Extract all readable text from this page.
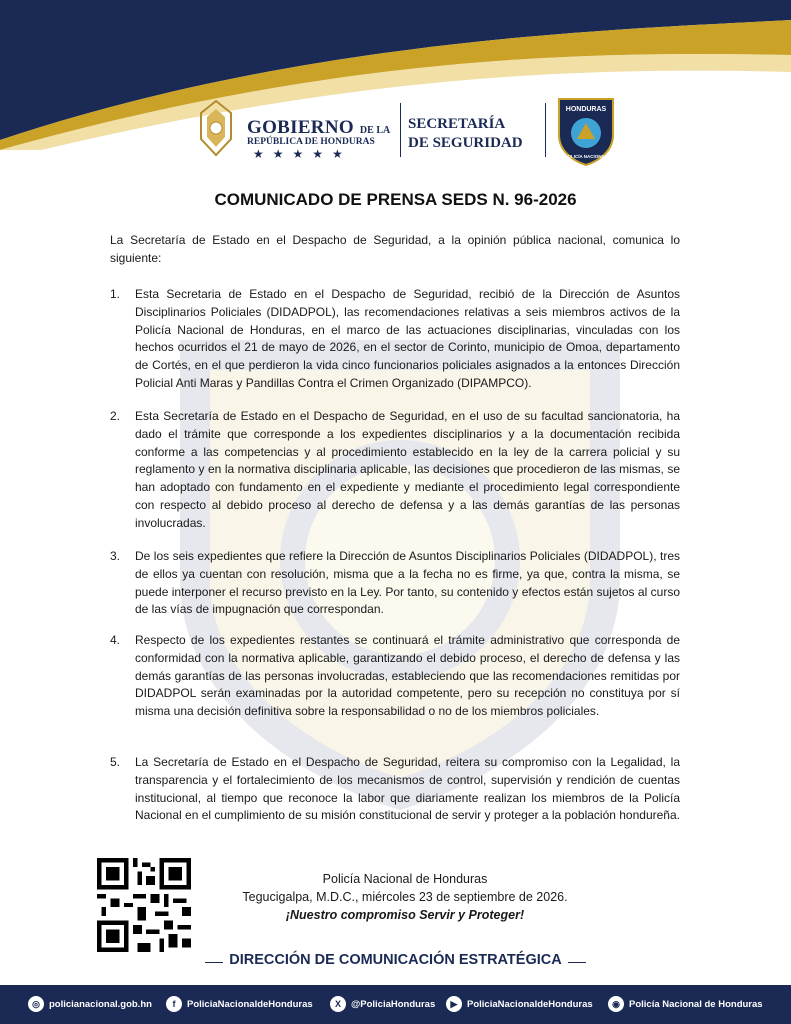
GOBIERNO DE LA
REPÚBLICA DE HONDURAS
★★★★★
SECRETARÍA
DE SEGURIDAD
HONDURAS
POLICÍA NACIONAL
COMUNICADO DE PRENSA SEDS N. 96-2026
La Secretaría de Estado en el Despacho de Seguridad, a la opinión pública nacional, comunica lo siguiente:
1. Esta Secretaria de Estado en el Despacho de Seguridad, recibió de la Dirección de Asuntos Disciplinarios Policiales (DIDADPOL), las recomendaciones relativas a seis miembros activos de la Policía Nacional de Honduras, en el marco de las actuaciones disciplinarias, vinculadas con los hechos ocurridos el 21 de mayo de 2026, en el sector de Corinto, municipio de Omoa, departamento de Cortés, en el que perdieron la vida cinco funcionarios policiales asignados a la entonces Dirección Policial Anti Maras y Pandillas Contra el Crimen Organizado (DIPAMPCO).
2. Esta Secretaría de Estado en el Despacho de Seguridad, en el uso de su facultad sancionatoria, ha dado el trámite que corresponde a los expedientes disciplinarios y a la documentación recibida conforme a las competencias y al procedimiento establecido en la ley de la carrera policial y su reglamento y en la normativa disciplinaria aplicable, las decisiones que procedieron de las mismas, se han adoptado con fundamento en el expediente y mediante el procedimiento legal correspondiente con respecto al debido proceso al derecho de defensa y a las demás garantías de las personas involucradas.
3. De los seis expedientes que refiere la Dirección de Asuntos Disciplinarios Policiales (DIDADPOL), tres de ellos ya cuentan con resolución, misma que a la fecha no es firme, ya que, contra la misma, se puede interponer el recurso previsto en la Ley. Por tanto, su contenido y efectos están sujetos al curso de las vías de impugnación que correspondan.
4. Respecto de los expedientes restantes se continuará el trámite administrativo que corresponda de conformidad con la normativa aplicable, garantizando el debido proceso, el derecho de defensa y las demás garantías de las personas involucradas, estableciendo que las recomendaciones remitidas por DIDADPOL serán examinadas por la autoridad competente, pero su recepción no constituya por sí misma una decisión definitiva sobre la responsabilidad o no de los miembros policiales.
5. La Secretaría de Estado en el Despacho de Seguridad, reitera su compromiso con la Legalidad, la transparencia y el fortalecimiento de los mecanismos de control, supervisión y rendición de cuentas institucional, al tiempo que reconoce la labor que diariamente realizan los miembros de la Policía Nacional en el cumplimiento de su misión constitucional de servir y proteger a la población hondureña.
Policía Nacional de Honduras
Tegucigalpa, M.D.C., miércoles 23 de septiembre de 2026.
¡Nuestro compromiso Servir y Proteger!
DIRECCIÓN DE COMUNICACIÓN ESTRATÉGICA
◎ policianacional.gob.hn	f	PoliciaNacionaldeHonduras	X	@PoliciaHonduras	▶	PoliciaNacionaldeHonduras	◉ Policía Nacional de Honduras
